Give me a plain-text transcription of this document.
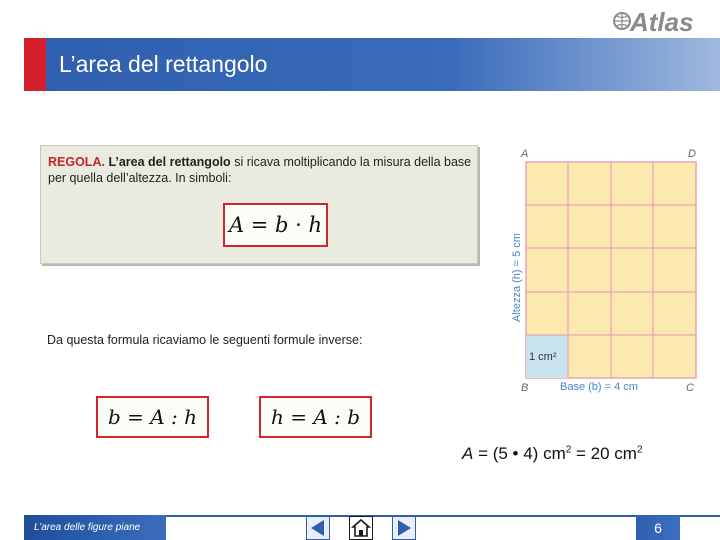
Atlas
L’area del rettangolo
REGOLA. L’area del rettangolo si ricava moltiplicando la misura della base per quella dell’altezza. In simboli:
A = b · h
Da questa formula ricaviamo le seguenti formule inverse:
b = A : h	h = A : b
A	D
B	C
1 cm²
Base (b) = 4 cm
Altezza (h) = 5 cm
A = (5 • 4) $cm^2 = 20$ $cm^2$
L’area delle figure piane	6
